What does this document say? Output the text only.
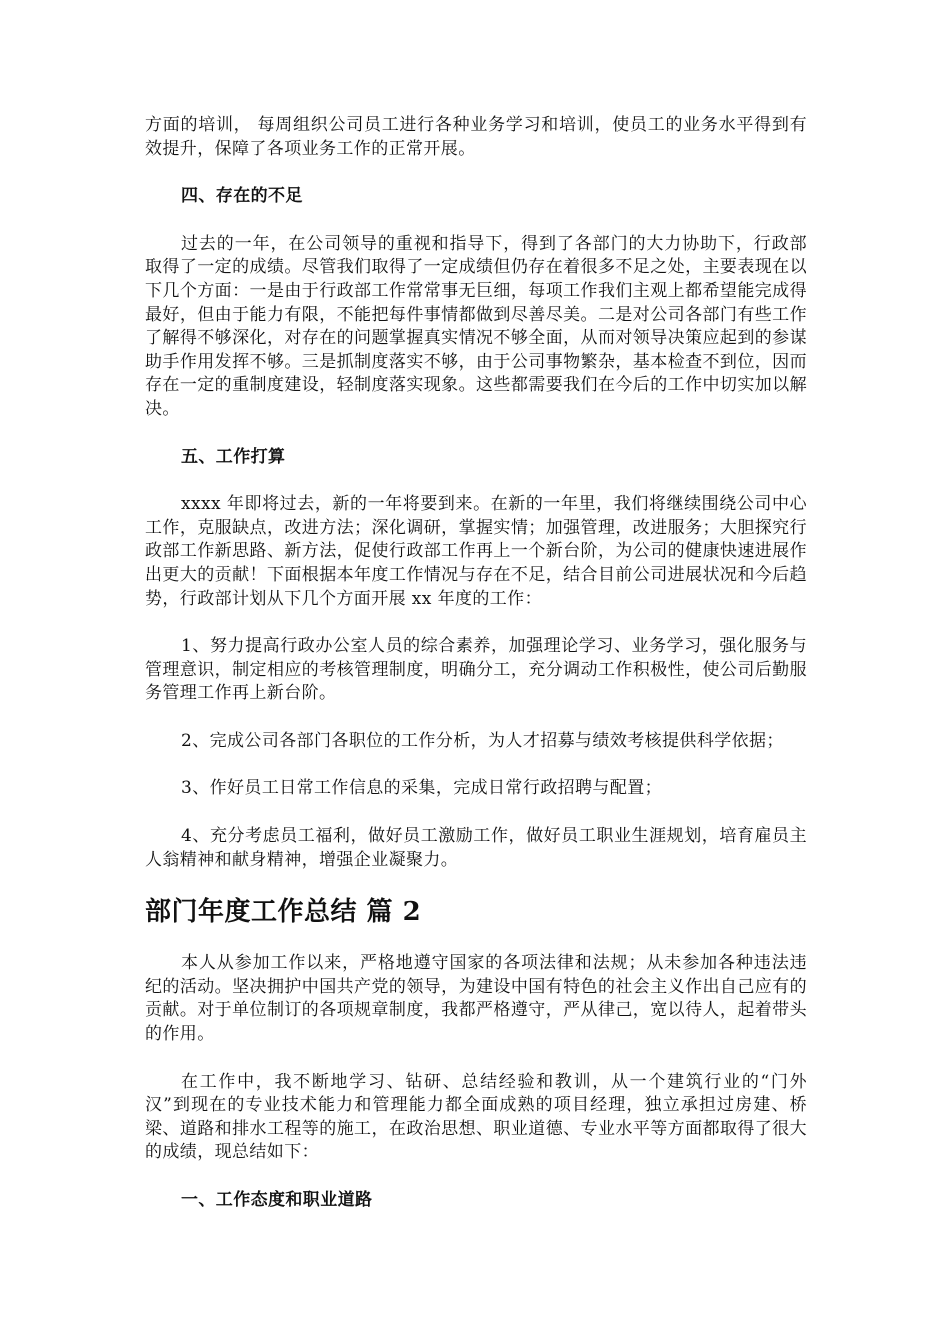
方面的培训， 每周组织公司员工进行各种业务学习和培训，使员工的业务水平得到有效提升，保障了各项业务工作的正常开展。

四、存在的不足

过去的一年，在公司领导的重视和指导下，得到了各部门的大力协助下，行政部取得了一定的成绩。尽管我们取得了一定成绩但仍存在着很多不足之处，主要表现在以下几个方面：一是由于行政部工作常常事无巨细，每项工作我们主观上都希望能完成得最好，但由于能力有限，不能把每件事情都做到尽善尽美。二是对公司各部门有些工作了解得不够深化，对存在的问题掌握真实情况不够全面，从而对领导决策应起到的参谋助手作用发挥不够。三是抓制度落实不够，由于公司事物繁杂，基本检查不到位，因而存在一定的重制度建设，轻制度落实现象。这些都需要我们在今后的工作中切实加以解决。

五、工作打算

xxxx 年即将过去，新的一年将要到来。在新的一年里，我们将继续围绕公司中心工作，克服缺点，改进方法；深化调研，掌握实情；加强管理，改进服务；大胆探究行政部工作新思路、新方法，促使行政部工作再上一个新台阶，为公司的健康快速进展作出更大的贡献！下面根据本年度工作情况与存在不足，结合目前公司进展状况和今后趋势，行政部计划从下几个方面开展 xx 年度的工作：

1、努力提高行政办公室人员的综合素养，加强理论学习、业务学习，强化服务与管理意识，制定相应的考核管理制度，明确分工，充分调动工作积极性，使公司后勤服务管理工作再上新台阶。

2、完成公司各部门各职位的工作分析，为人才招募与绩效考核提供科学依据；

3、作好员工日常工作信息的采集，完成日常行政招聘与配置；

4、充分考虑员工福利，做好员工激励工作，做好员工职业生涯规划，培育雇员主人翁精神和献身精神，增强企业凝聚力。

部门年度工作总结 篇 2

本人从参加工作以来，严格地遵守国家的各项法律和法规；从未参加各种违法违纪的活动。坚决拥护中国共产党的领导，为建设中国有特色的社会主义作出自己应有的贡献。对于单位制订的各项规章制度，我都严格遵守，严从律己，宽以待人，起着带头的作用。

在工作中，我不断地学习、钻研、总结经验和教训，从一个建筑行业的“门外汉”到现在的专业技术能力和管理能力都全面成熟的项目经理，独立承担过房建、桥梁、道路和排水工程等的施工，在政治思想、职业道德、专业水平等方面都取得了很大的成绩，现总结如下：

一、工作态度和职业道路
